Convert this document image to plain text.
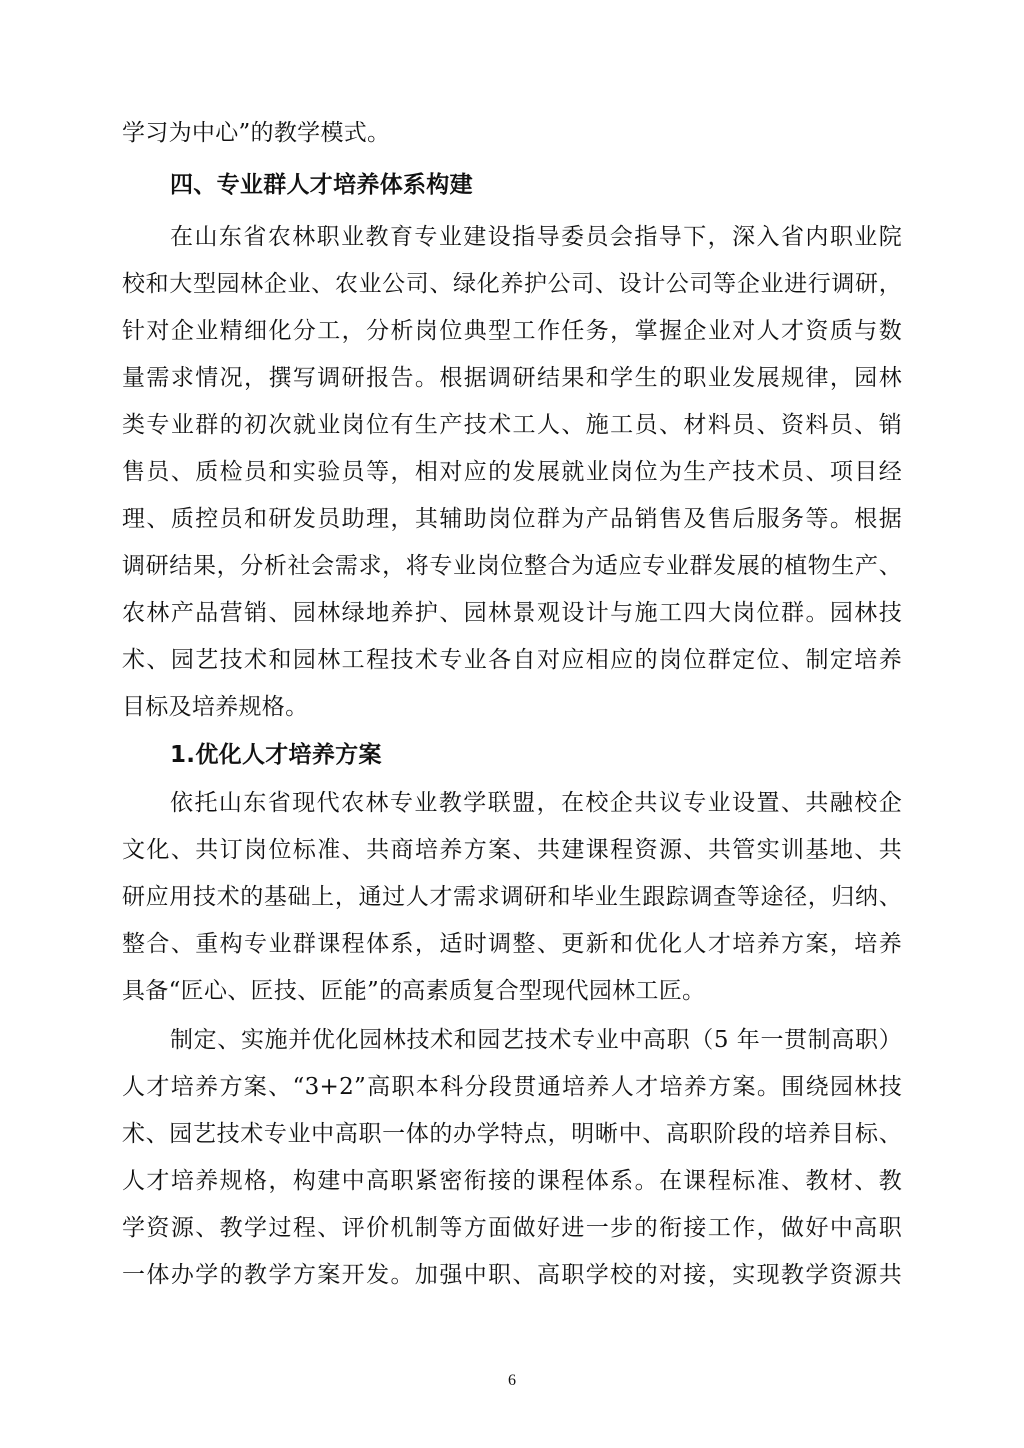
学习为中心”的教学模式。
四、专业群人才培养体系构建
在山东省农林职业教育专业建设指导委员会指导下，深入省内职业院
校和大型园林企业、农业公司、绿化养护公司、设计公司等企业进行调研，
针对企业精细化分工，分析岗位典型工作任务，掌握企业对人才资质与数
量需求情况，撰写调研报告。根据调研结果和学生的职业发展规律，园林
类专业群的初次就业岗位有生产技术工人、施工员、材料员、资料员、销
售员、质检员和实验员等，相对应的发展就业岗位为生产技术员、项目经
理、质控员和研发员助理，其辅助岗位群为产品销售及售后服务等。根据
调研结果，分析社会需求，将专业岗位整合为适应专业群发展的植物生产、
农林产品营销、园林绿地养护、园林景观设计与施工四大岗位群。园林技
术、园艺技术和园林工程技术专业各自对应相应的岗位群定位、制定培养
目标及培养规格。
1.优化人才培养方案
依托山东省现代农林专业教学联盟，在校企共议专业设置、共融校企
文化、共订岗位标准、共商培养方案、共建课程资源、共管实训基地、共
研应用技术的基础上，通过人才需求调研和毕业生跟踪调查等途径，归纳、
整合、重构专业群课程体系，适时调整、更新和优化人才培养方案，培养
具备“匠心、匠技、匠能”的高素质复合型现代园林工匠。
制定、实施并优化园林技术和园艺技术专业中高职（5 年一贯制高职）
人才培养方案、“3+2”高职本科分段贯通培养人才培养方案。围绕园林技
术、园艺技术专业中高职一体的办学特点，明晰中、高职阶段的培养目标、
人才培养规格，构建中高职紧密衔接的课程体系。在课程标准、教材、教
学资源、教学过程、评价机制等方面做好进一步的衔接工作，做好中高职
一体办学的教学方案开发。加强中职、高职学校的对接，实现教学资源共
6
